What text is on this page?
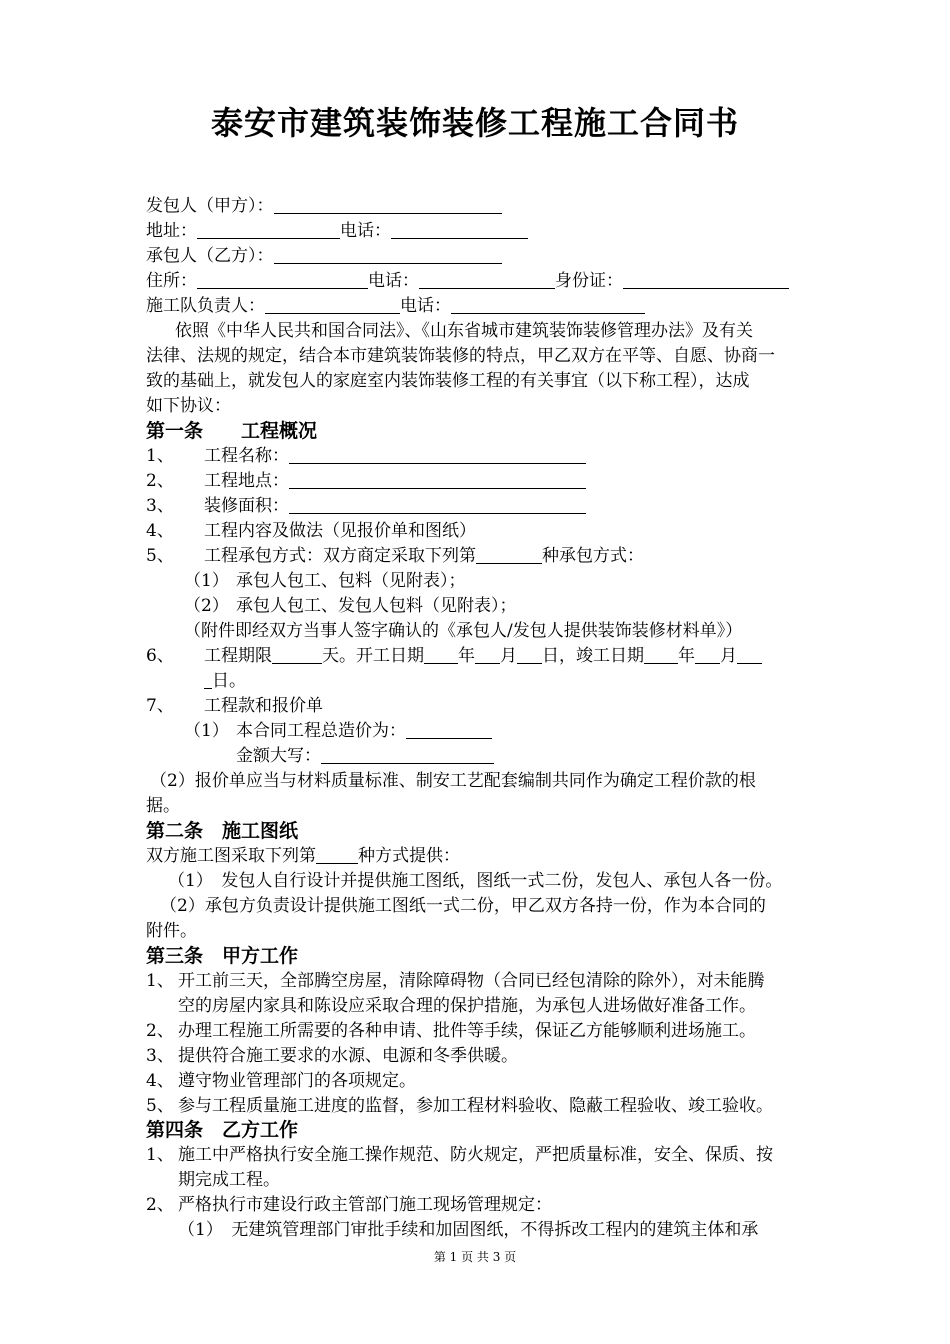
泰安市建筑装饰装修工程施工合同书
发包人（甲方）：
地址：	电话：
承包人（乙方）：
住所：	电话：	身份证：
施工队负责人：	电话：
依照《中华人民共和国合同法》、《山东省城市建筑装饰装修管理办法》及有关
法律、法规的规定，结合本市建筑装饰装修的特点，甲乙双方在平等、自愿、协商一
致的基础上，就发包人的家庭室内装饰装修工程的有关事宜（以下称工程），达成
如下协议：
第一条　　工程概况
1、 工程名称：
2、 工程地点：
3、 装修面积：
4、 工程内容及做法（见报价单和图纸）
5、 工程承包方式：双方商定采取下列第	种承包方式：
（1） 承包人包工、包料（见附表）；
（2） 承包人包工、发包人包料（见附表）；
（附件即经双方当事人签字确认的《承包人/发包人提供装饰装修材料单》）
6、 工程期限	天。开工日期 年 月 日，竣工日期 年 月
日。
7、 工程款和报价单
（1） 本合同工程总造价为：
金额大写：
（2）报价单应当与材料质量标准、制安工艺配套编制共同作为确定工程价款的根
据。
第二条　施工图纸
双方施工图采取下列第 种方式提供：
（1）　发包人自行设计并提供施工图纸，图纸一式二份，发包人、承包人各一份。
（2）承包方负责设计提供施工图纸一式二份，甲乙双方各持一份，作为本合同的
附件。
第三条　甲方工作
1、 开工前三天，全部腾空房屋，清除障碍物（合同已经包清除的除外），对未能腾
空的房屋内家具和陈设应采取合理的保护措施，为承包人进场做好准备工作。
2、 办理工程施工所需要的各种申请、批件等手续，保证乙方能够顺利进场施工。
3、 提供符合施工要求的水源、电源和冬季供暖。
4、 遵守物业管理部门的各项规定。
5、 参与工程质量施工进度的监督，参加工程材料验收、隐蔽工程验收、竣工验收。
第四条　乙方工作
1、 施工中严格执行安全施工操作规范、防火规定，严把质量标准，安全、保质、按
期完成工程。
2、 严格执行市建设行政主管部门施工现场管理规定：
（1）　无建筑管理部门审批手续和加固图纸，不得拆改工程内的建筑主体和承
第 1 页 共 3 页
